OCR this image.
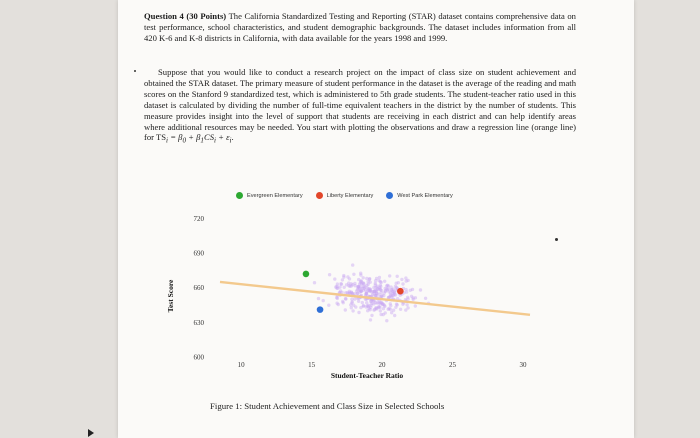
Question 4 (30 Points) The California Standardized Testing and Reporting (STAR) dataset contains comprehensive data on test performance, school characteristics, and student demographic backgrounds. The dataset includes information from all 420 K-6 and K-8 districts in California, with data available for the years 1998 and 1999.

Suppose that you would like to conduct a research project on the impact of class size on student achievement and obtained the STAR dataset. The primary measure of student performance in the dataset is the average of the reading and math scores on the Stanford 9 standardized test, which is administered to 5th grade students. The student-teacher ratio used in this dataset is calculated by dividing the number of full-time equivalent teachers in the district by the number of students. This measure provides insight into the level of support that students are receiving in each district and can help identify areas where additional resources may be needed. You start with plotting the observations and draw a regression line (orange line) for $TS_i = \beta_0 + \beta_1CS_i + \varepsilon_i$.

Evergreen Elementary	Liberty Elementary	West Park Elementary
10	15	20	25	30
720
690
660
630
600
Student-Teacher Ratio
Test Score
Figure 1: Student Achievement and Class Size in Selected Schools
